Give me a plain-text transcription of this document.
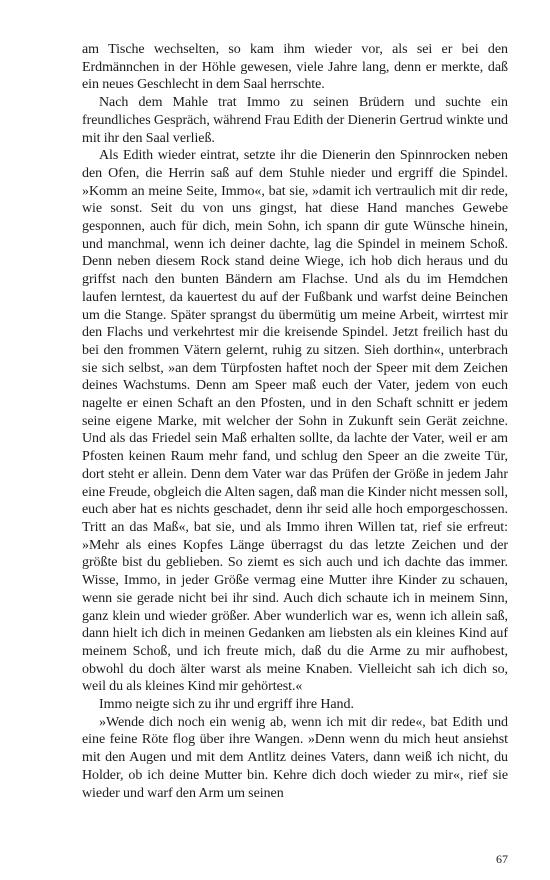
am Tische wechselten, so kam ihm wieder vor, als sei er bei den Erdmännchen in der Höhle gewesen, viele Jahre lang, denn er merkte, daß ein neues Geschlecht in dem Saal herrschte.

Nach dem Mahle trat Immo zu seinen Brüdern und suchte ein freundliches Gespräch, während Frau Edith der Dienerin Gertrud winkte und mit ihr den Saal verließ.

Als Edith wieder eintrat, setzte ihr die Dienerin den Spinnrocken neben den Ofen, die Herrin saß auf dem Stuhle nieder und ergriff die Spindel. »Komm an meine Seite, Immo«, bat sie, »damit ich vertraulich mit dir rede, wie sonst. Seit du von uns gingst, hat diese Hand manches Gewebe gesponnen, auch für dich, mein Sohn, ich spann dir gute Wünsche hinein, und manchmal, wenn ich deiner dachte, lag die Spindel in meinem Schoß. Denn neben diesem Rock stand deine Wiege, ich hob dich heraus und du griffst nach den bunten Bändern am Flachse. Und als du im Hemdchen laufen lerntest, da kauertest du auf der Fußbank und warfst deine Beinchen um die Stange. Später sprangst du übermütig um meine Arbeit, wirrtest mir den Flachs und verkehrtest mir die kreisende Spindel. Jetzt freilich hast du bei den frommen Vätern gelernt, ruhig zu sitzen. Sieh dorthin«, unterbrach sie sich selbst, »an dem Türpfosten haftet noch der Speer mit dem Zeichen deines Wachstums. Denn am Speer maß euch der Vater, jedem von euch nagelte er einen Schaft an den Pfosten, und in den Schaft schnitt er jedem seine eigene Marke, mit welcher der Sohn in Zukunft sein Gerät zeichne. Und als das Friedel sein Maß erhalten sollte, da lachte der Vater, weil er am Pfosten keinen Raum mehr fand, und schlug den Speer an die zweite Tür, dort steht er allein. Denn dem Vater war das Prüfen der Größe in jedem Jahr eine Freude, obgleich die Alten sagen, daß man die Kinder nicht messen soll, euch aber hat es nichts geschadet, denn ihr seid alle hoch emporgeschossen. Tritt an das Maß«, bat sie, und als Immo ihren Willen tat, rief sie erfreut: »Mehr als eines Kopfes Länge überragst du das letzte Zeichen und der größte bist du geblieben. So ziemt es sich auch und ich dachte das immer. Wisse, Immo, in jeder Größe vermag eine Mutter ihre Kinder zu schauen, wenn sie gerade nicht bei ihr sind. Auch dich schaute ich in meinem Sinn, ganz klein und wieder größer. Aber wunderlich war es, wenn ich allein saß, dann hielt ich dich in meinen Gedanken am liebsten als ein kleines Kind auf meinem Schoß, und ich freute mich, daß du die Arme zu mir aufhobest, obwohl du doch älter warst als meine Knaben. Vielleicht sah ich dich so, weil du als kleines Kind mir gehörtest.«

Immo neigte sich zu ihr und ergriff ihre Hand.

»Wende dich noch ein wenig ab, wenn ich mit dir rede«, bat Edith und eine feine Röte flog über ihre Wangen. »Denn wenn du mich heut ansiehst mit den Augen und mit dem Antlitz deines Vaters, dann weiß ich nicht, du Holder, ob ich deine Mutter bin. Kehre dich doch wieder zu mir«, rief sie wieder und warf den Arm um seinen

67
